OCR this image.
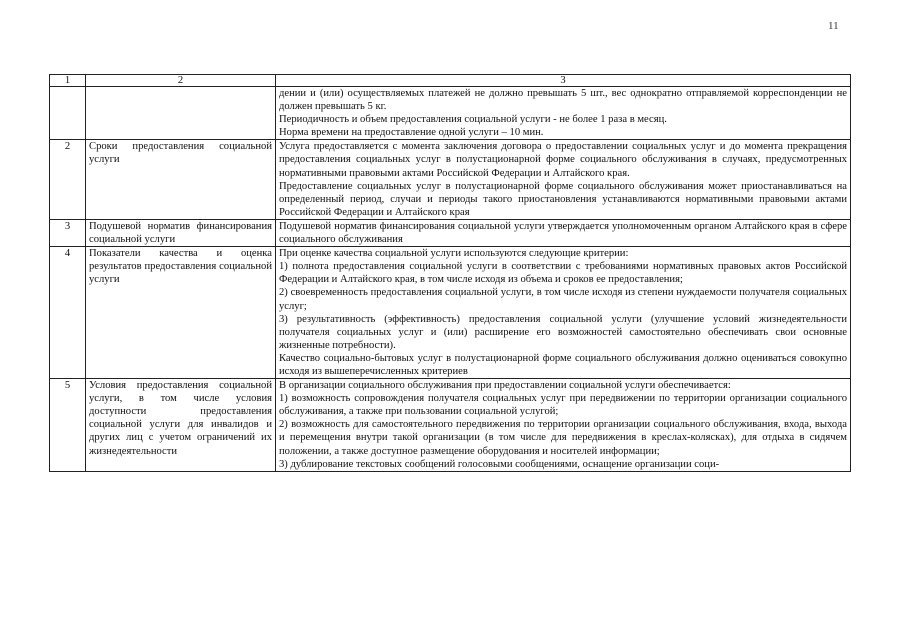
11
1	2	3

		дении и (или) осуществляемых платежей не должно превышать 5 шт., вес однократно отправляемой корреспонденции не должен превышать 5 кг.
Периодичность и объем предоставления социальной услуги - не более 1 раза в месяц.
Норма времени на предоставление одной услуги – 10 мин.

2	Сроки предоставления социальной услуги	Услуга предоставляется с момента заключения договора о предоставлении социальных услуг и до момента прекращения предоставления социальных услуг в полустационарной форме социального обслуживания в случаях, предусмотренных нормативными правовыми актами Российской Федерации и Алтайского края.
Предоставление социальных услуг в полустационарной форме социального обслуживания может приостанавливаться на определенный период, случаи и периоды такого приостановления устанавливаются нормативными правовыми актами Российской Федерации и Алтайского края

3	Подушевой норматив финансирования социальной услуги	Подушевой норматив финансирования социальной услуги утверждается уполномоченным органом Алтайского края в сфере социального обслуживания

4	Показатели качества и оценка результатов предоставления социальной услуги	При оценке качества социальной услуги используются следующие критерии:
1) полнота предоставления социальной услуги в соответствии с требованиями нормативных правовых актов Российской Федерации и Алтайского края, в том числе исходя из объема и сроков ее предоставления;
2) своевременность предоставления социальной услуги, в том числе исходя из степени нуждаемости получателя социальных услуг;
3) результативность (эффективность) предоставления социальной услуги (улучшение условий жизнедеятельности получателя социальных услуг и (или) расширение его возможностей самостоятельно обеспечивать свои основные жизненные потребности).
Качество социально-бытовых услуг в полустационарной форме социального обслуживания должно оцениваться совокупно исходя из вышеперечисленных критериев

5	Условия предоставления социальной услуги, в том числе условия доступности предоставления социальной услуги для инвалидов и других лиц с учетом ограничений их жизнедеятельности	В организации социального обслуживания при предоставлении социальной услуги обеспечивается:
1) возможность сопровождения получателя социальных услуг при передвижении по территории организации социального обслуживания, а также при пользовании социальной услугой;
2) возможность для самостоятельного передвижения по территории организации социального обслуживания, входа, выхода и перемещения внутри такой организации (в том числе для передвижения в креслах-колясках), для отдыха в сидячем положении, а также доступное размещение оборудования и носителей информации;
3) дублирование текстовых сообщений голосовыми сообщениями, оснащение организации соци-
